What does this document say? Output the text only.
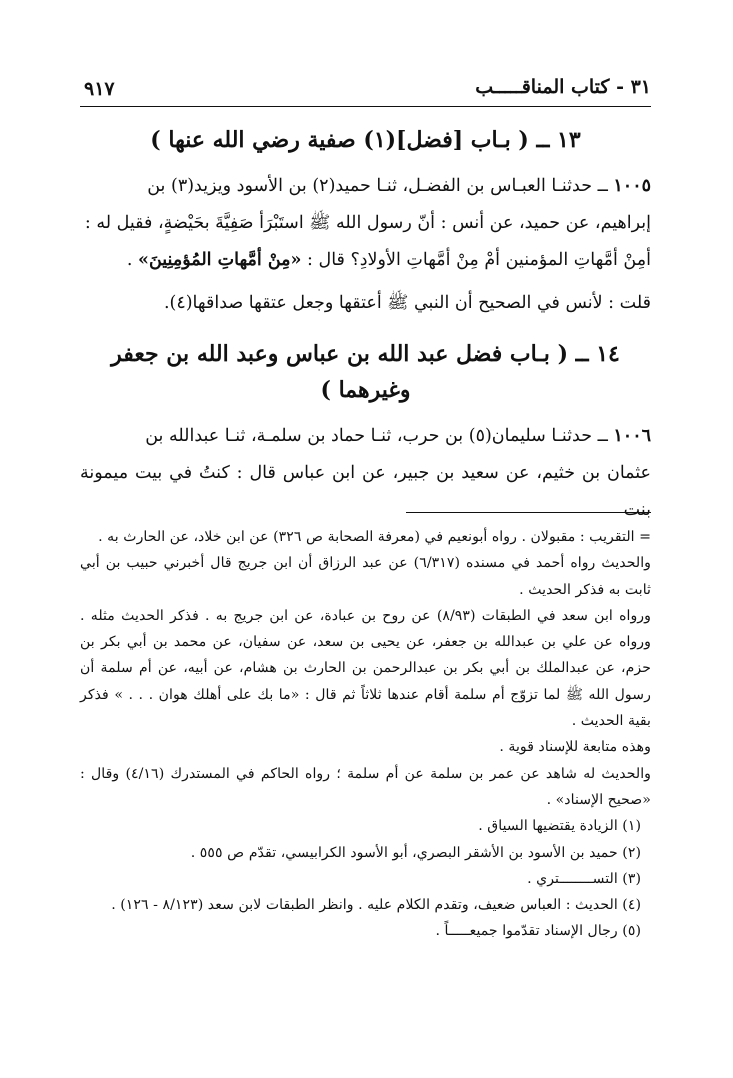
٩١٧	٣١ - كتاب المناقـــــب

١٣ ــ ( بـاب [فضل](١) صفية رضي الله عنها )

١٠٠٥ ــ حدثنـا العبـاس بن الفضـل، ثنـا حميد(٢) بن الأسود ويزيد(٣) بن
إبراهيم، عن حميد، عن أنس : أنّ رسول الله ﷺ استَبْرَأ صَفِيَّةَ بحَيْضةٍ، فقيل له :
أمِنْ أمَّهاتِ المؤمنين أمْ مِنْ أمَّهاتِ الأولادِ؟ قال : «مِنْ أمَّهاتِ المُؤمِنِينَ» .

قلت : لأنس في الصحيح أن النبي ﷺ أعتقها وجعل عتقها صداقها(٤).

١٤ ــ ( بـاب فضل عبد الله بن عباس وعبد الله بن جعفر وغيرهما )

١٠٠٦ ــ حدثنـا سليمان(٥) بن حرب، ثنـا حماد بن سلمـة، ثنـا عبدالله بن
عثمان بن خثيم، عن سعيد بن جبير، عن ابن عباس قال : كنتُ في بيت ميمونة بنت

= التقريب : مقبولان . رواه أبونعيم في (معرفة الصحابة ص ٣٢٦) عن ابن خلاد، عن الحارث به .

والحديث رواه أحمد في مسنده (٦/٣١٧) عن عبد الرزاق أن ابن جريج قال أخبرني حبيب بن أبي ثابت به فذكر الحديث .

ورواه ابن سعد في الطبقات (٨/٩٣) عن روح بن عبادة، عن ابن جريج به . فذكر الحديث مثله . ورواه عن علي بن عبدالله بن جعفر، عن يحيى بن سعد، عن سفيان، عن محمد بن أبي بكر بن حزم، عن عبدالملك بن أبي بكر بن عبدالرحمن بن الحارث بن هشام، عن أبيه، عن أم سلمة أن رسول الله ﷺ لما تزوّج أم سلمة أقام عندها ثلاثاً ثم قال : «ما بك على أهلك هوان . . . » فذكر بقية الحديث .

وهذه متابعة للإسناد قوية .

والحديث له شاهد عن عمر بن سلمة عن أم سلمة ؛ رواه الحاكم في المستدرك (٤/١٦) وقال : «صحيح الإسناد» .

(١) الزيادة يقتضيها السياق .

(٢) حميد بن الأسود بن الأشقر البصري، أبو الأسود الكرابيسي، تقدّم ص ٥٥٥ .

(٣) التســــــــتري .

(٤) الحديث : العباس ضعيف، وتقدم الكلام عليه . وانظر الطبقات لابن سعد (٨/١٢٣ - ١٢٦) .

(٥) رجال الإسناد تقدّموا جميعـــــاً .
